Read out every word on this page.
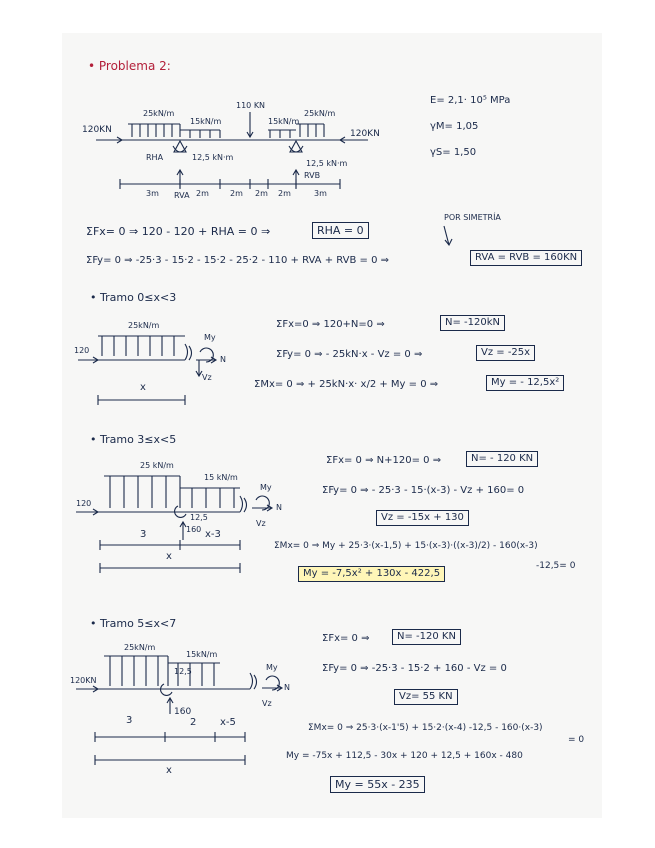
• Problema 2:
E= 2,1· 10⁵ MPa
γM= 1,05
γS= 1,50
120KN	120KN
25kN/m
15kN/m
110 KN
15kN/m
25kN/m
RHA	12,5 kN·m
12,5 kN·m
RVB
RVA
3m	2m	2m 2m 2m	3m
ΣFx= 0 ⇒ 120 - 120 + RHA = 0 ⇒	RHA = 0
POR SIMETRÍA
ΣFy= 0 ⇒ -25·3 - 15·2 - 15·2 - 25·2 - 110 + RVA + RVB = 0 ⇒	RVA = RVB = 160KN
• Tramo 0≤x<3
25kN/m
120
My
N
Vz
x
ΣFx=0 ⇒ 120+N=0 ⇒	N= -120kN
ΣFy= 0 ⇒ - 25kN·x - Vz = 0 ⇒	Vz = -25x
ΣMx= 0 ⇒ + 25kN·x· x/2 + My = 0 ⇒	My = - 12,5x²
• Tramo 3≤x<5
25 kN/m
15 kN/m
120
12,5
160 x-3
3
x
My
N
Vz
ΣFx= 0 ⇒ N+120= 0 ⇒	N= - 120 KN
ΣFy= 0 ⇒ - 25·3 - 15·(x-3) - Vz + 160= 0
Vz = -15x + 130
ΣMx= 0 ⇒ My + 25·3·(x-1,5) + 15·(x-3)·((x-3)/2) - 160(x-3)
-12,5= 0
My = -7,5x² + 130x - 422,5
• Tramo 5≤x<7
25kN/m
15kN/m
120KN
12,5
160
3	2 x-5
x
My
N
Vz
ΣFx= 0 ⇒	N= -120 KN
ΣFy= 0 ⇒ -25·3 - 15·2 + 160 - Vz = 0
Vz= 55 KN
ΣMx= 0 ⇒ 25·3·(x-1'5) + 15·2·(x-4) -12,5 - 160·(x-3)
= 0
My = -75x + 112,5 - 30x + 120 + 12,5 + 160x - 480
My = 55x - 235
